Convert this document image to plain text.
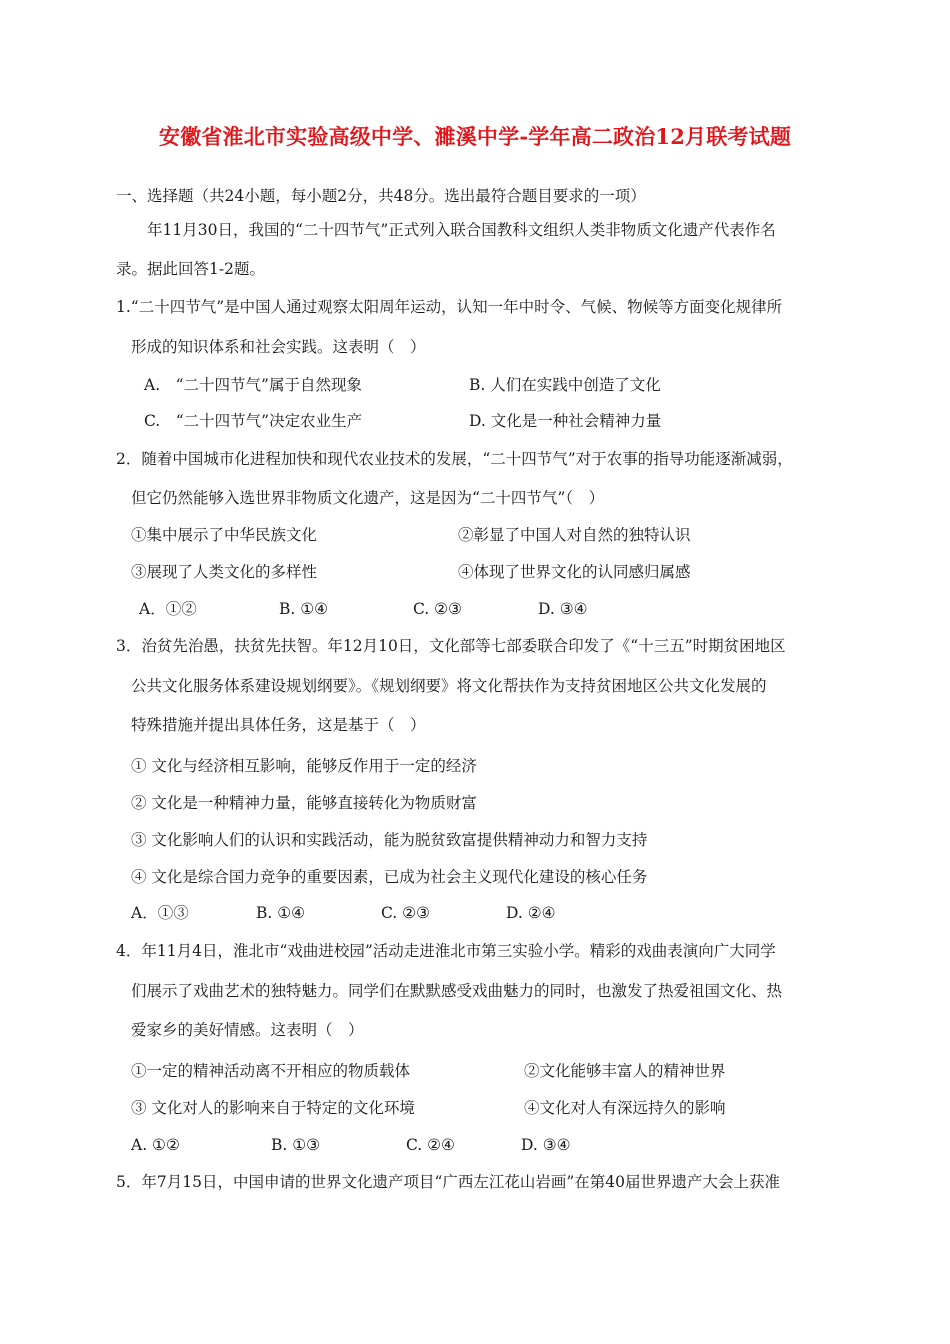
安徽省淮北市实验高级中学、濉溪中学-学年高二政治12月联考试题
一、选择题（共24小题，每小题2分，共48分。选出最符合题目要求的一项）
年11月30日，我国的“二十四节气”正式列入联合国教科文组织人类非物质文化遗产代表作名
录。据此回答1-2题。
1.“二十四节气”是中国人通过观察太阳周年运动，认知一年中时令、气候、物候等方面变化规律所
形成的知识体系和社会实践。这表明（　）
A.　“二十四节气”属于自然现象	B. 人们在实践中创造了文化
C.　“二十四节气”决定农业生产	D. 文化是一种社会精神力量
2．随着中国城市化进程加快和现代农业技术的发展，“二十四节气”对于农事的指导功能逐渐减弱，
但它仍然能够入选世界非物质文化遗产，这是因为“二十四节气”（　）
①集中展示了中华民族文化	②彰显了中国人对自然的独特认识
③展现了人类文化的多样性	④体现了世界文化的认同感归属感
A．①②	B. ①④	C. ②③	D. ③④
3．治贫先治愚，扶贫先扶智。年12月10日，文化部等七部委联合印发了《“十三五”时期贫困地区
公共文化服务体系建设规划纲要》。《规划纲要》将文化帮扶作为支持贫困地区公共文化发展的
特殊措施并提出具体任务，这是基于（　）
① 文化与经济相互影响，能够反作用于一定的经济
② 文化是一种精神力量，能够直接转化为物质财富
③ 文化影响人们的认识和实践活动，能为脱贫致富提供精神动力和智力支持
④ 文化是综合国力竞争的重要因素，已成为社会主义现代化建设的核心任务
A．①③	B. ①④	C. ②③	D. ②④
4．年11月4日，淮北市“戏曲进校园”活动走进淮北市第三实验小学。精彩的戏曲表演向广大同学
们展示了戏曲艺术的独特魅力。同学们在默默感受戏曲魅力的同时，也激发了热爱祖国文化、热
爱家乡的美好情感。这表明（　）
①一定的精神活动离不开相应的物质载体	②文化能够丰富人的精神世界
③ 文化对人的影响来自于特定的文化环境	④文化对人有深远持久的影响
A. ①②	B. ①③	C. ②④	D. ③④
5．年7月15日，中国申请的世界文化遗产项目“广西左江花山岩画”在第40届世界遗产大会上获准
